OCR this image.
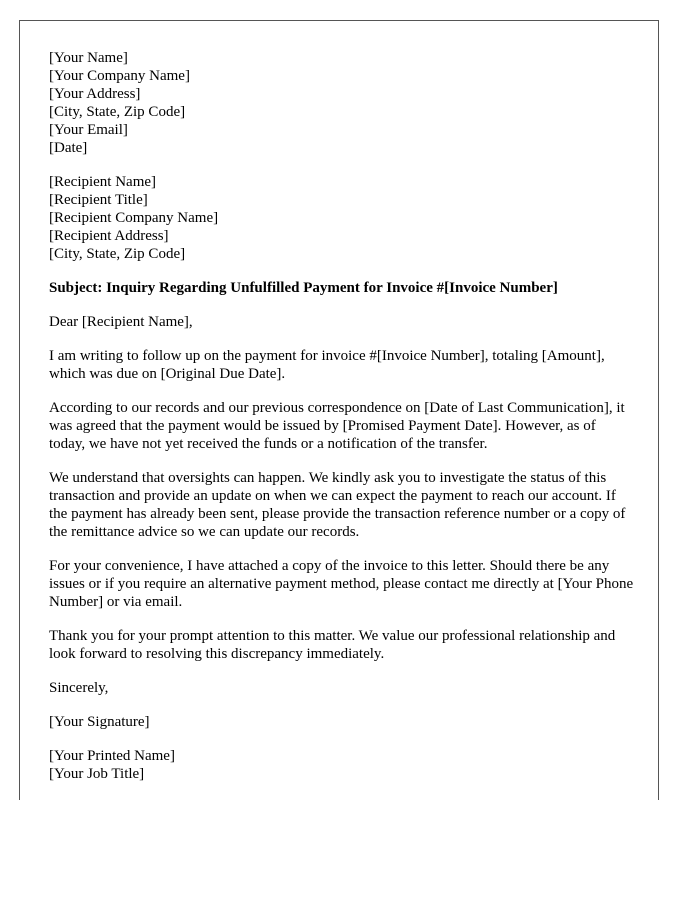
[Your Name]
[Your Company Name]
[Your Address]
[City, State, Zip Code]
[Your Email]
[Date]
[Recipient Name]
[Recipient Title]
[Recipient Company Name]
[Recipient Address]
[City, State, Zip Code]

Subject: Inquiry Regarding Unfulfilled Payment for Invoice #[Invoice Number]

Dear [Recipient Name],

I am writing to follow up on the payment for invoice #[Invoice Number], totaling [Amount], which was due on [Original Due Date].

According to our records and our previous correspondence on [Date of Last Communication], it was agreed that the payment would be issued by [Promised Payment Date]. However, as of today, we have not yet received the funds or a notification of the transfer.

We understand that oversights can happen. We kindly ask you to investigate the status of this transaction and provide an update on when we can expect the payment to reach our account. If the payment has already been sent, please provide the transaction reference number or a copy of the remittance advice so we can update our records.

For your convenience, I have attached a copy of the invoice to this letter. Should there be any issues or if you require an alternative payment method, please contact me directly at [Your Phone Number] or via email.

Thank you for your prompt attention to this matter. We value our professional relationship and look forward to resolving this discrepancy immediately.

Sincerely,

[Your Signature]

[Your Printed Name]
[Your Job Title]
